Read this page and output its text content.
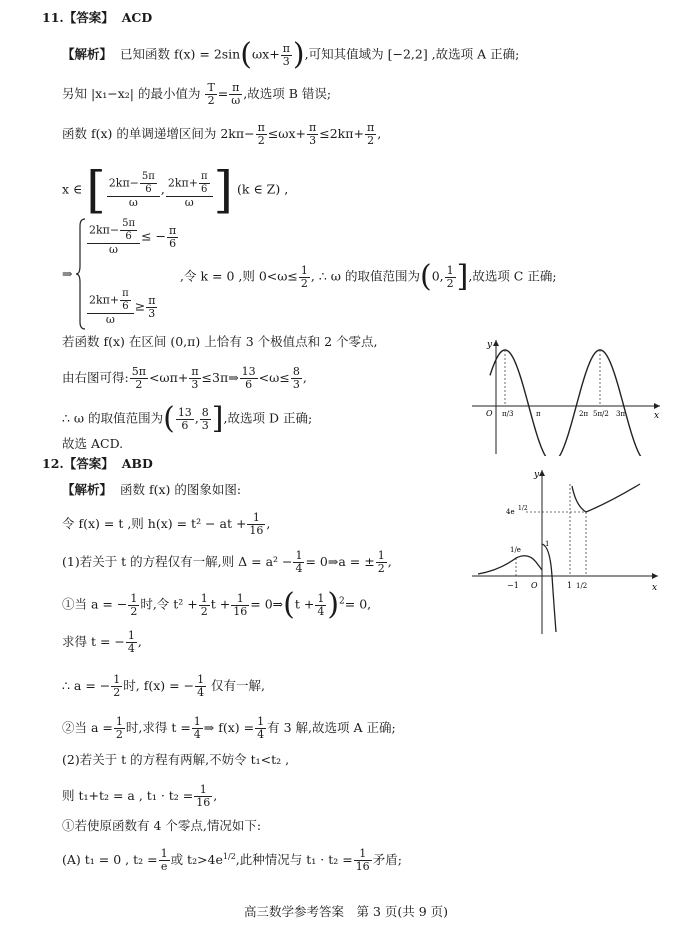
11.【答案】 ACD
【解析】 已知函数 $f(x) = 2\sin(\omega x+ \frac{\pi}{3}$ ),可知其值域为 [−2,2] ,故选项 A 正确;
另知 |x₁−x₂| 的最小值为 $\frac{T}{2} = \frac{\pi}{\omega}$ ,故选项 B 错误;
函数 f(x) 的单调递增区间为 $2k\pi- \frac{\pi}{2} \le\omega x+ \frac{\pi}{3} \le 2k\pi+ \frac{\pi}{2}$ ,
x ∈ [ $\frac{2k\pi- \frac{5\pi}{6}}{\omega}$ , $\frac{2k\pi+ \frac{\pi}{6}}{\omega}$ ] (k ∈ Z) ,
⇒
$\frac{2k\pi- \frac{5\pi}{6}}{\omega}$ ≤ − $\frac{\pi}{6}$
,令 k = 0 ,则 $0<\omega\le \frac{1}{2}$ , ∴ ω 的取值范围为(0, $\frac{1}{2}$ ],故选项 C 正确;
$\frac{2k\pi+ \frac{\pi}{6}}{\omega} \ge \frac{\pi}{3}$
若函数 f(x) 在区间 (0,π) 上恰有 3 个极值点和 2 个零点,
由右图可得: $\frac{5\pi}{2} <\omega\pi+ \frac{\pi}{3}$ ≤3π⇒ $\frac{13}{6} <\omega\le \frac{8}{3}$ ,
∴ ω 的取值范围为( $\frac{13}{6}$ , $\frac{8}{3}$ ],故选项 D 正确;
故选 ACD.
y
x
O π/3	π	2π 5π/2 3π
12.【答案】 ABD
【解析】 函数 f(x) 的图象如图:
令 f(x) = t ,则 h(x) = t² − at + $\frac{1}{16}$ ,
(1)若关于 t 的方程仅有一解,则 $\Delta = a^2 - \frac{1}{4}$ = 0⇒a = ± $\frac{1}{2}$ ,
①当 a = − $\frac{1}{2}$ 时,令 $t^2 + \frac{1}{2}$ $t + \frac{1}{16}$ = 0⇒(t + $\frac{1}{4} )^2= 0$,
求得 t = − $\frac{1}{4}$ ,
∴ a = − $\frac{1}{2}$ 时, f(x) = − $\frac{1}{4}$ 仅有一解,
②当 $a = \frac{1}{2}$ 时,求得 $t = \frac{1}{4}$ ⇒ $f(x) = \frac{1}{4}$ 有 3 解,故选项 A 正确;
(2)若关于 t 的方程有两解,不妨令 t₁<t₂ ,
则 t₁+t₂ = a , $t_1 \cdot t_2 = \frac{1}{16}$ ,
①若使原函数有 4 个零点,情况如下:
(A) t₁ = 0 , $t_2 = \frac{1}{e}$ 或 $t_2>4e^{1/2}$,此种情况与 $t_1 \cdot t_2 = \frac{1}{16}$ 矛盾;
y
x
O
−1	1 1/2
4e 1/2
1/e
1
高三数学参考答案　第 3 页(共 9 页)
